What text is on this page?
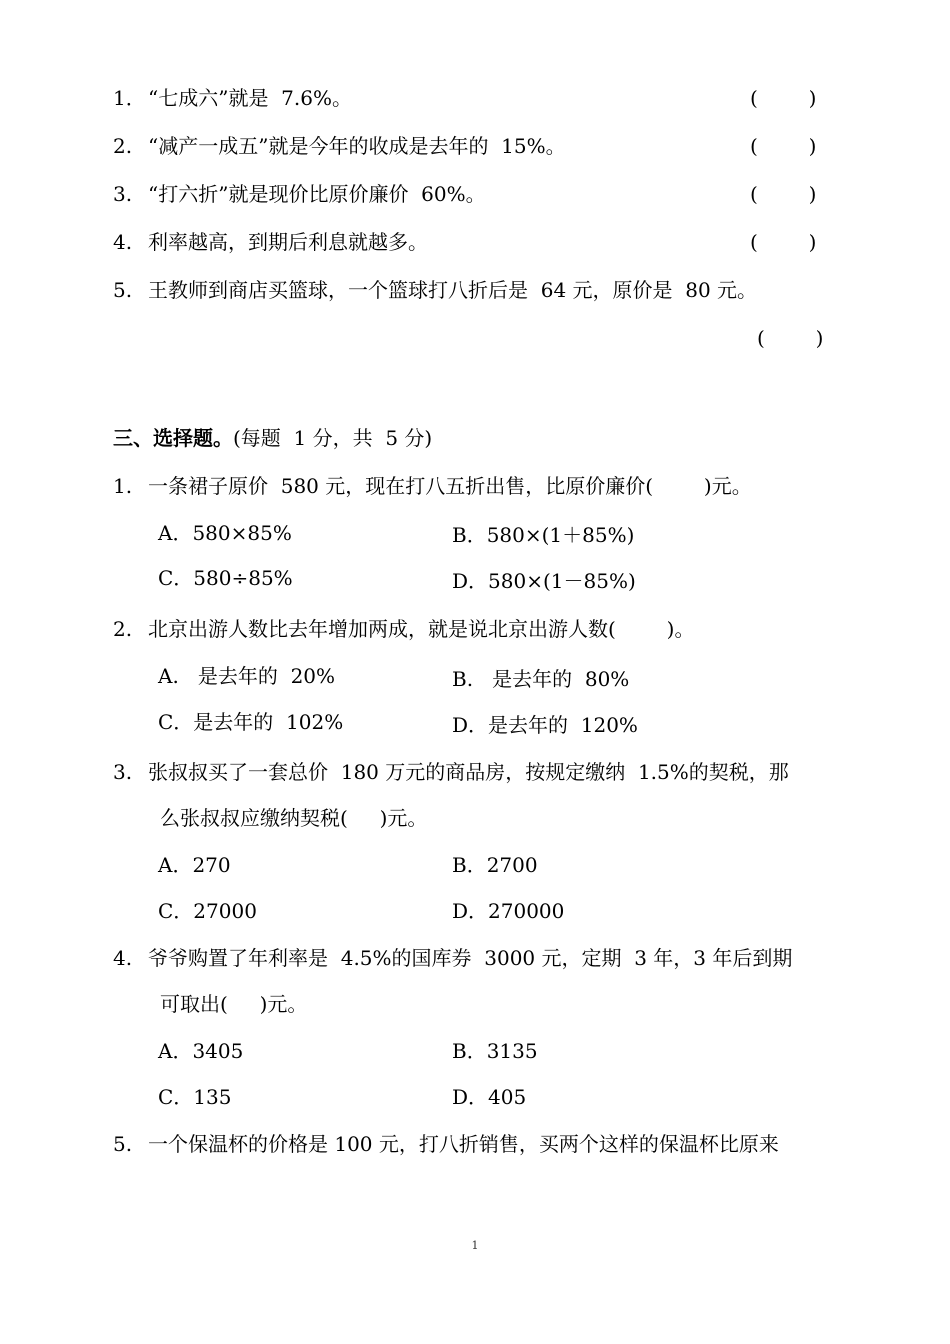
1． “七成六”就是  7.6%。	(        )
2. “减产一成五”就是今年的收成是去年的  15%。	(        )
3. “打六折”就是现价比原价廉价  60%。	(        )
4. 利率越高，到期后利息就越多。	(        )
5. 王教师到商店买篮球，一个篮球打八折后是  64 元，原价是  80 元。
(        )
三、选择题。(每题  1 分，共  5 分)
1. 一条裙子原价  580 元，现在打八五折出售，比原价廉价(        )元。
A．580×85%	B．580×(1＋85%)
C．580÷85%	D．580×(1－85%)
2. 北京出游人数比去年增加两成，就是说北京出游人数(        )。
A.   是去年的  20%	B.   是去年的  80%
C．是去年的  102%	D．是去年的  120%
3. 张叔叔买了一套总价  180 万元的商品房，按规定缴纳  1.5%的契税，那
么张叔叔应缴纳契税(     )元。
A．270	B．2700
C．27000	D．270000
4. 爷爷购置了年利率是  4.5%的国库券  3000 元，定期  3 年，3 年后到期
可取出(     )元。
A．3405	B．3135
C．135	D．405
5. 一个保温杯的价格是 100 元，打八折销售，买两个这样的保温杯比原来
1
